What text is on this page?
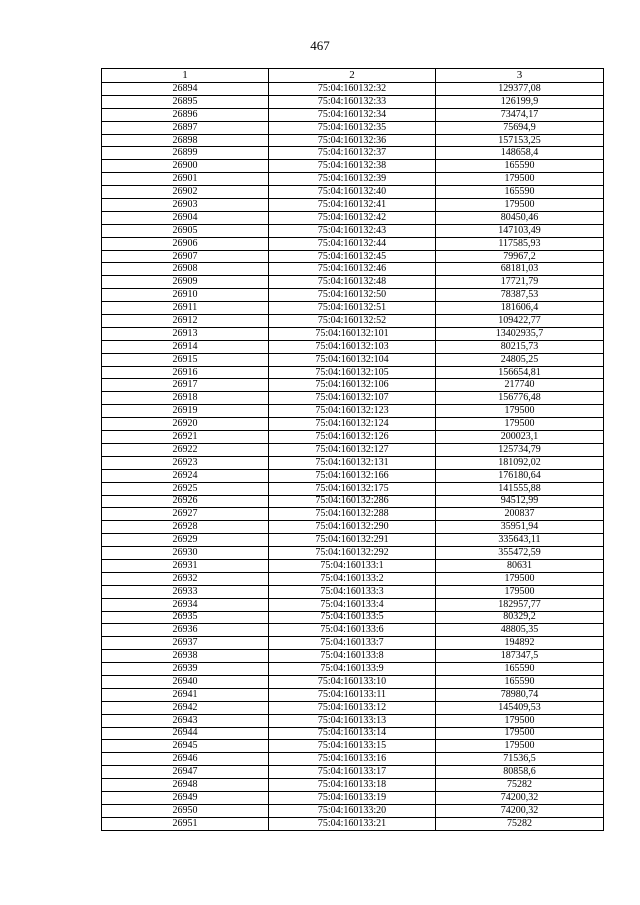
467
1	2	3
26894	75:04:160132:32	129377,08
26895	75:04:160132:33	126199,9
26896	75:04:160132:34	73474,17
26897	75:04:160132:35	75694,9
26898	75:04:160132:36	157153,25
26899	75:04:160132:37	148658,4
26900	75:04:160132:38	165590
26901	75:04:160132:39	179500
26902	75:04:160132:40	165590
26903	75:04:160132:41	179500
26904	75:04:160132:42	80450,46
26905	75:04:160132:43	147103,49
26906	75:04:160132:44	117585,93
26907	75:04:160132:45	79967,2
26908	75:04:160132:46	68181,03
26909	75:04:160132:48	17721,79
26910	75:04:160132:50	78387,53
26911	75:04:160132:51	181606,4
26912	75:04:160132:52	109422,77
26913	75:04:160132:101	13402935,7
26914	75:04:160132:103	80215,73
26915	75:04:160132:104	24805,25
26916	75:04:160132:105	156654,81
26917	75:04:160132:106	217740
26918	75:04:160132:107	156776,48
26919	75:04:160132:123	179500
26920	75:04:160132:124	179500
26921	75:04:160132:126	200023,1
26922	75:04:160132:127	125734,79
26923	75:04:160132:131	181092,02
26924	75:04:160132:166	176180,64
26925	75:04:160132:175	141555,88
26926	75:04:160132:286	94512,99
26927	75:04:160132:288	200837
26928	75:04:160132:290	35951,94
26929	75:04:160132:291	335643,11
26930	75:04:160132:292	355472,59
26931	75:04:160133:1	80631
26932	75:04:160133:2	179500
26933	75:04:160133:3	179500
26934	75:04:160133:4	182957,77
26935	75:04:160133:5	80329,2
26936	75:04:160133:6	48805,35
26937	75:04:160133:7	194892
26938	75:04:160133:8	187347,5
26939	75:04:160133:9	165590
26940	75:04:160133:10	165590
26941	75:04:160133:11	78980,74
26942	75:04:160133:12	145409,53
26943	75:04:160133:13	179500
26944	75:04:160133:14	179500
26945	75:04:160133:15	179500
26946	75:04:160133:16	71536,5
26947	75:04:160133:17	80858,6
26948	75:04:160133:18	75282
26949	75:04:160133:19	74200,32
26950	75:04:160133:20	74200,32
26951	75:04:160133:21	75282
